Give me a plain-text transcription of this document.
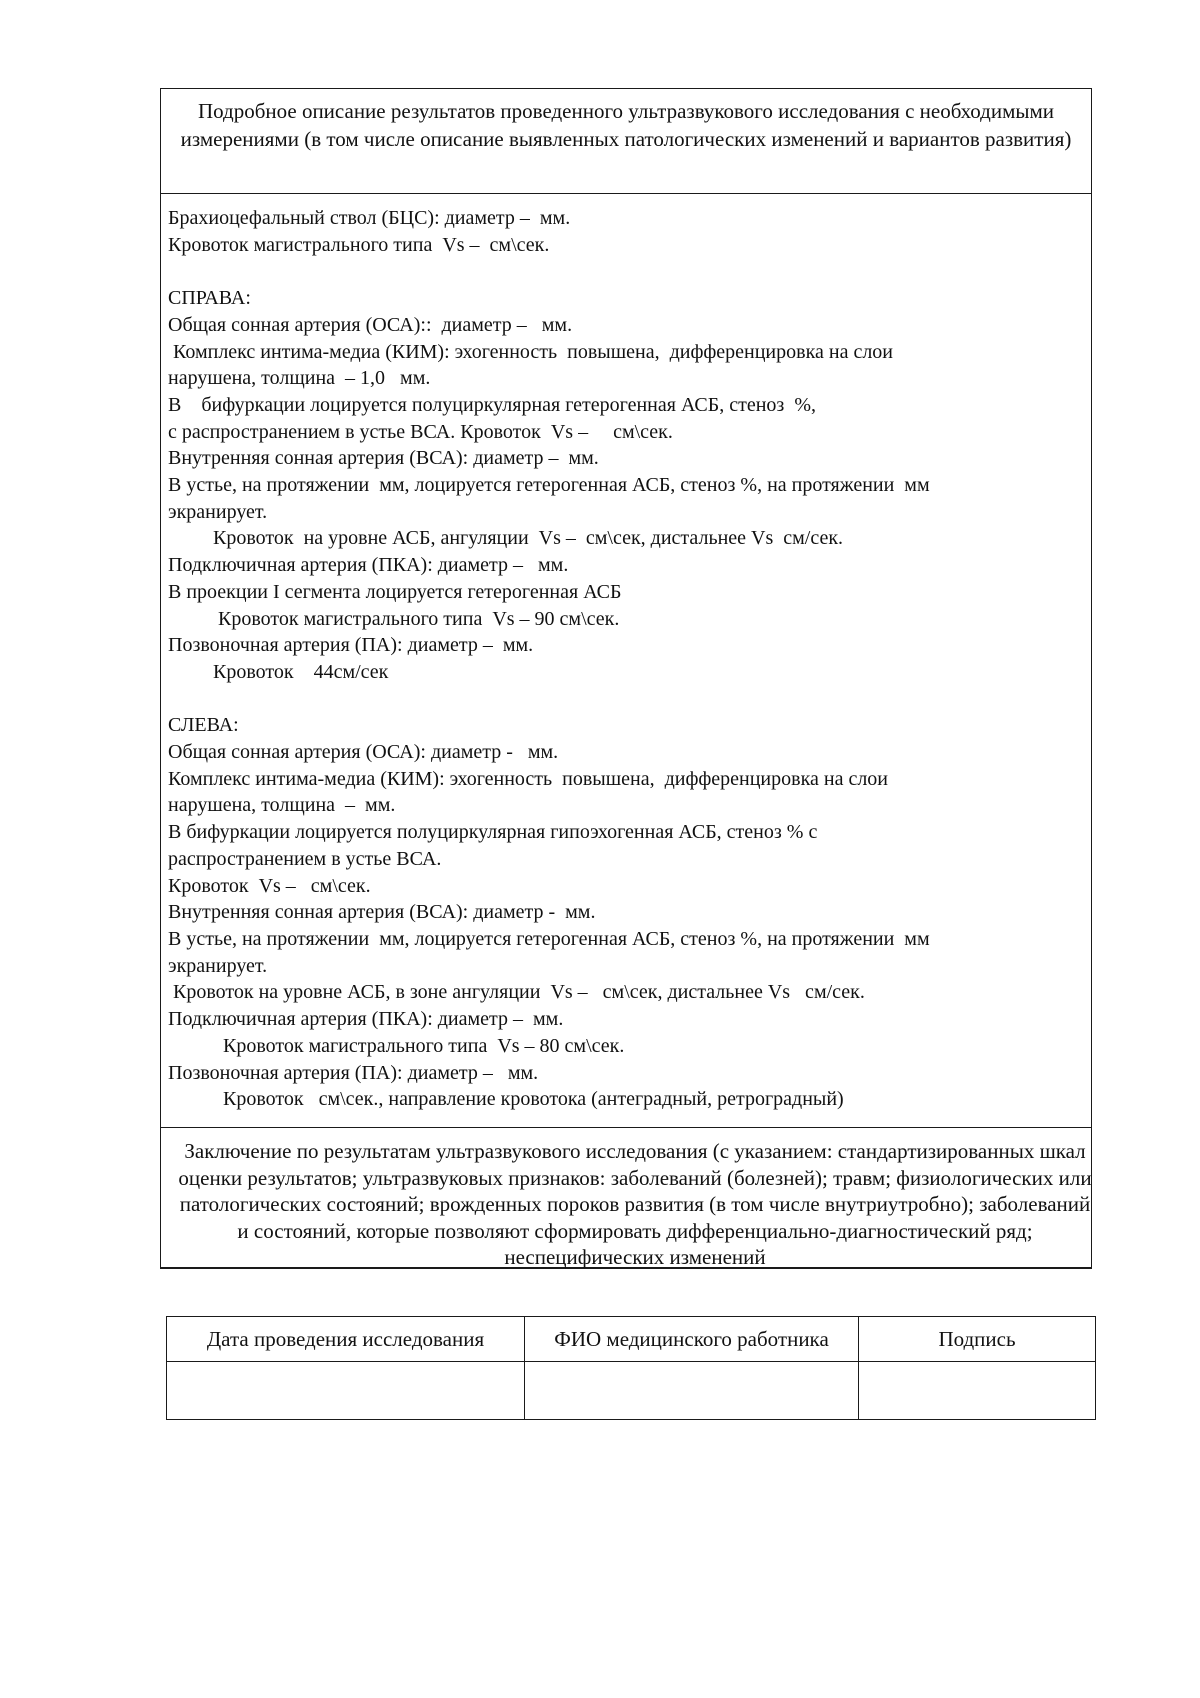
Подробное описание результатов проведенного ультразвукового исследования с необходимыми измерениями (в том числе описание выявленных патологических изменений и вариантов развития)
Брахиоцефальный ствол (БЦС): диаметр –  мм.
Кровоток магистрального типа  Vs –  см\сек.

СПРАВА:
Общая сонная артерия (ОСА)::  диаметр –   мм.
Комплекс интима-медиа (КИМ): эхогенность  повышена,  дифференцировка на слои
нарушена, толщина  – 1,0   мм.
В    бифуркации лоцируется полуциркулярная гетерогенная АСБ, стеноз  %,
с распространением в устье ВСА. Кровоток  Vs –     см\сек.
Внутренняя сонная артерия (ВСА): диаметр –  мм.
В устье, на протяжении  мм, лоцируется гетерогенная АСБ, стеноз %, на протяжении  мм
экранирует.
Кровоток  на уровне АСБ, ангуляции  Vs –  см\сек, дистальнее Vs  см/сек.
Подключичная артерия (ПКА): диаметр –   мм.
В проекции I сегмента лоцируется гетерогенная АСБ
Кровоток магистрального типа  Vs – 90 см\сек.
Позвоночная артерия (ПА): диаметр –  мм.
Кровоток    44см/сек

СЛЕВА:
Общая сонная артерия (ОСА): диаметр -   мм.
Комплекс интима-медиа (КИМ): эхогенность  повышена,  дифференцировка на слои
нарушена, толщина  –  мм.
В бифуркации лоцируется полуциркулярная гипоэхогенная АСБ, стеноз % с
распространением в устье ВСА.
Кровоток  Vs –   см\сек.
Внутренняя сонная артерия (ВСА): диаметр -  мм.
В устье, на протяжении  мм, лоцируется гетерогенная АСБ, стеноз %, на протяжении  мм
экранирует.
Кровоток на уровне АСБ, в зоне ангуляции  Vs –   см\сек, дистальнее Vs   см/сек.
Подключичная артерия (ПКА): диаметр –  мм.
Кровоток магистрального типа  Vs – 80 см\сек.
Позвоночная артерия (ПА): диаметр –   мм.
Кровоток   см\сек., направление кровотока (антеградный, ретроградный)
Заключение по результатам ультразвукового исследования (с указанием: стандартизированных шкал оценки результатов; ультразвуковых признаков: заболеваний (болезней); травм; физиологических или патологических состояний; врожденных пороков развития (в том числе внутриутробно); заболеваний и состояний, которые позволяют сформировать дифференциально-диагностический ряд; неспецифических изменений
Дата проведения исследования	ФИО медицинского работника	Подпись
